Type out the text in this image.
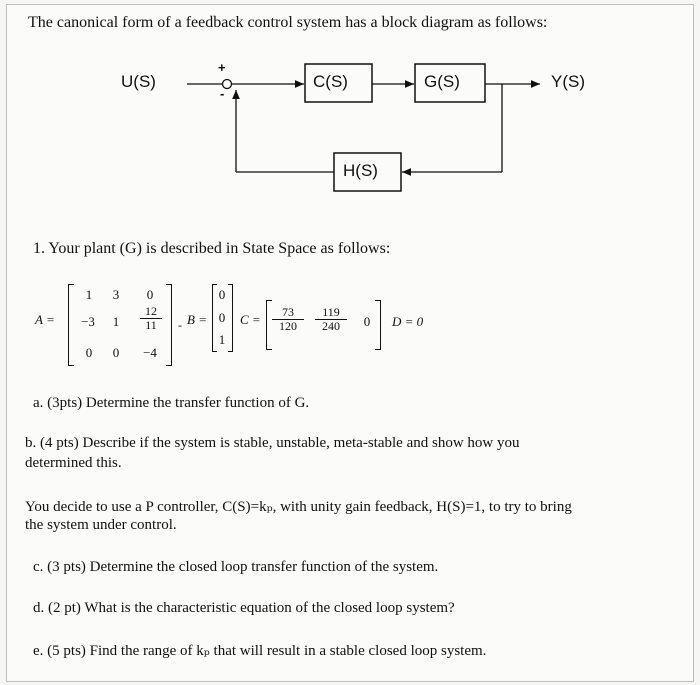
The canonical form of a feedback control system has a block diagram as follows:
U(S)
+
-
C(S)	G(S)	Y(S)
H(S)
1. Your plant (G) is described in State Space as follows:
A =
1	3	0
−3	1	$\frac{12}{11}$
0	0	−4
- B =
0
0
1
$C = \frac{73}{120} \frac{119}{240} 0$ D = 0
a. (3pts) Determine the transfer function of G.
b. (4 pts) Describe if the system is stable, unstable, meta-stable and show how you
determined this.
You decide to use a P controller, C(S)=kₚ, with unity gain feedback, H(S)=1, to try to bring
the system under control.
c. (3 pts) Determine the closed loop transfer function of the system.
d. (2 pt) What is the characteristic equation of the closed loop system?
e. (5 pts) Find the range of kₚ that will result in a stable closed loop system.
